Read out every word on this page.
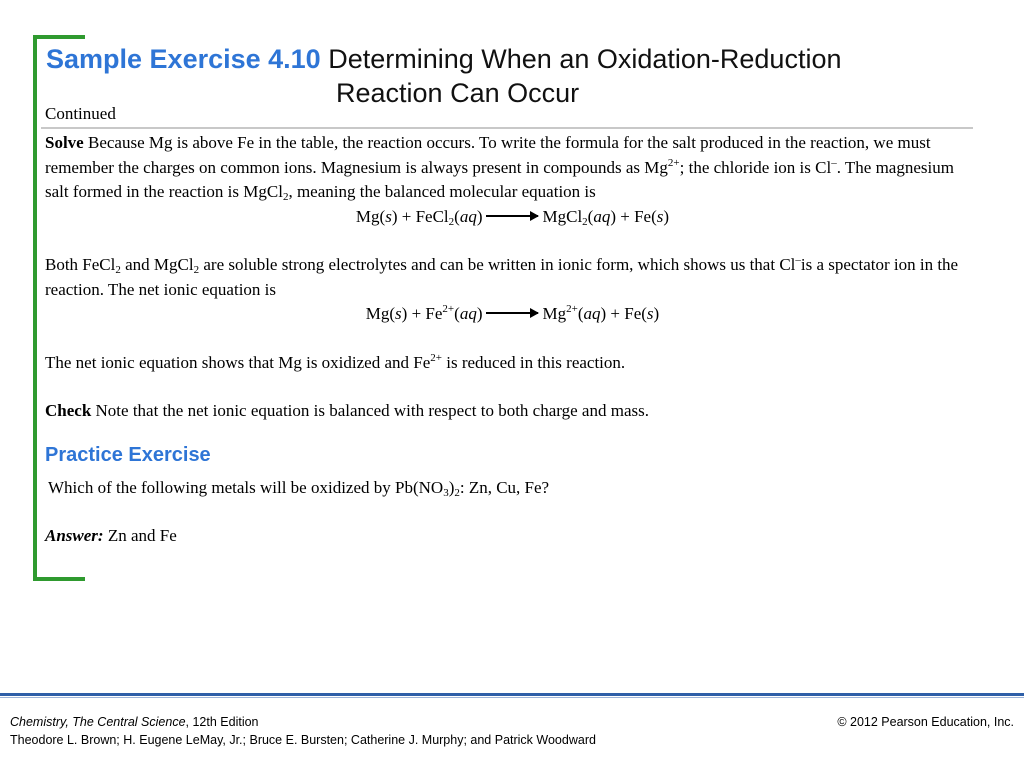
Sample Exercise 4.10 Determining When an Oxidation-Reduction
Reaction Can Occur
Continued

Solve Because Mg is above Fe in the table, the reaction occurs. To write the formula for the salt produced in the reaction, we must remember the charges on common ions. Magnesium is always present in compounds as $Mg^{2+}$; the chloride ion is Cl–. The magnesium salt formed in the reaction is MgCl$_2$, meaning the balanced molecular equation is

Mg(s) + FeCl$_2$(aq) → MgCl$_2$(aq) + Fe(s)

Both FeCl$_2$ and MgCl$_2$ are soluble strong electrolytes and can be written in ionic form, which shows us that Cl–is a spectator ion in the reaction. The net ionic equation is

$Mg(s) + Fe^{2+}(aq) \to Mg^{2+}(aq) + Fe(s)$

The net ionic equation shows that Mg is oxidized and $Fe^{2+}$ is reduced in this reaction.

Check Note that the net ionic equation is balanced with respect to both charge and mass.

Practice Exercise
Which of the following metals will be oxidized by $Pb(NO_3)_2$: Zn, Cu, Fe?
Answer: Zn and Fe
Chemistry, The Central Science, 12th Edition
Theodore L. Brown; H. Eugene LeMay, Jr.; Bruce E. Bursten; Catherine J. Murphy; and Patrick Woodward
© 2012 Pearson Education, Inc.
